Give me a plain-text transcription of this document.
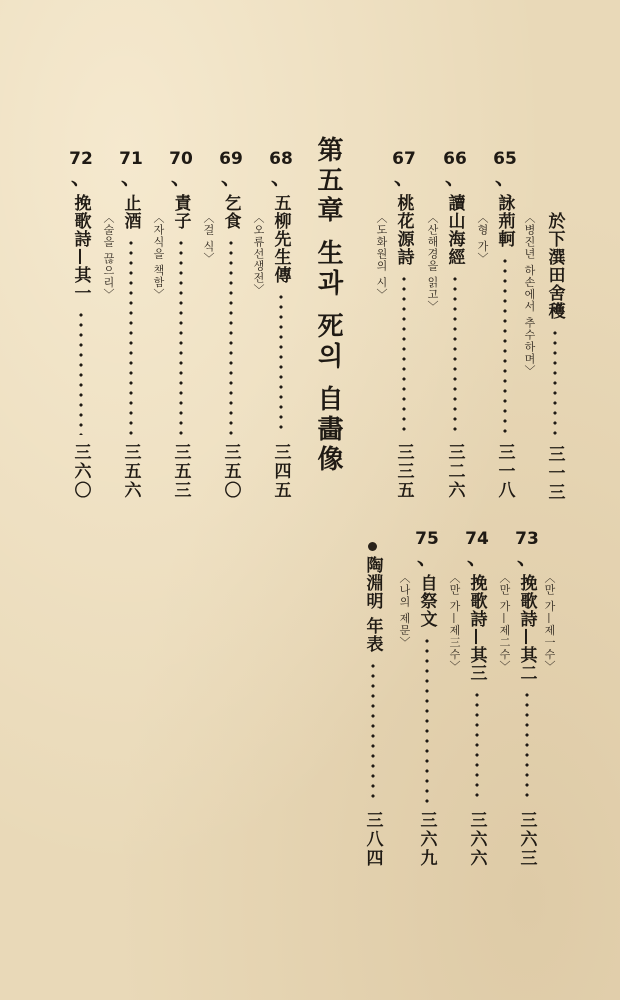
於下潠田舍穫
三一三
〈병진년 하손에서 추수하며〉
65
、
詠荊軻
三一八
〈형 가〉
66
、
讀山海經
三二六
〈산해경을 읽고〉
67
、
桃花源詩
三三五
〈도화원의 시〉
第五章 生과 死의 自畵像
68
、
五柳先生傳
三四五
〈오류선생전〉
69
、
乞食
三五〇
〈걸 식〉
70
、
責子
三五三
〈자식을 책함〉
71
、
止酒
三五六
〈술을 끊으리〉
72
、
挽歌詩—其一
三六〇
〈만 가—제一수〉
73
、
挽歌詩—其二
三六三
〈만 가—제二수〉
74
、
挽歌詩—其三
三六六
〈만 가—제三수〉
75
、
自祭文
三六九
〈나의 제문〉
陶淵明 年表
三八四
